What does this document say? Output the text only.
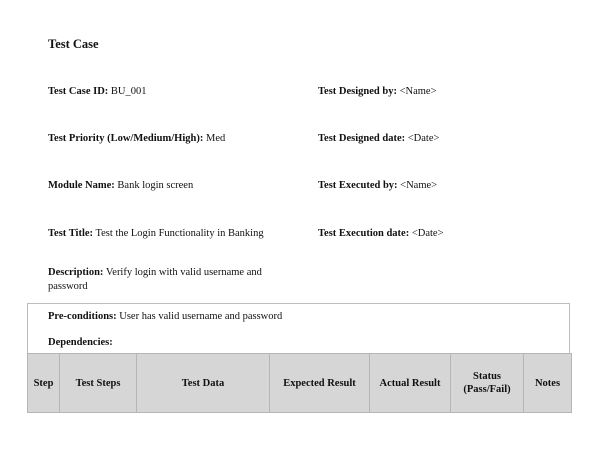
Test Case
Test Case ID: BU_001
Test Priority (Low/Medium/High): Med
Module Name: Bank login screen
Test Title: Test the Login Functionality in Banking
Description: Verify login with valid username and password
Test Designed by: <Name>
Test Designed date: <Date>
Test Executed by: <Name>
Test Execution date: <Date>
Pre-conditions: User has valid username and password
Dependencies:
Step	Test Steps	Test Data	Expected Result	Actual Result	Status (Pass/Fail)	Notes
